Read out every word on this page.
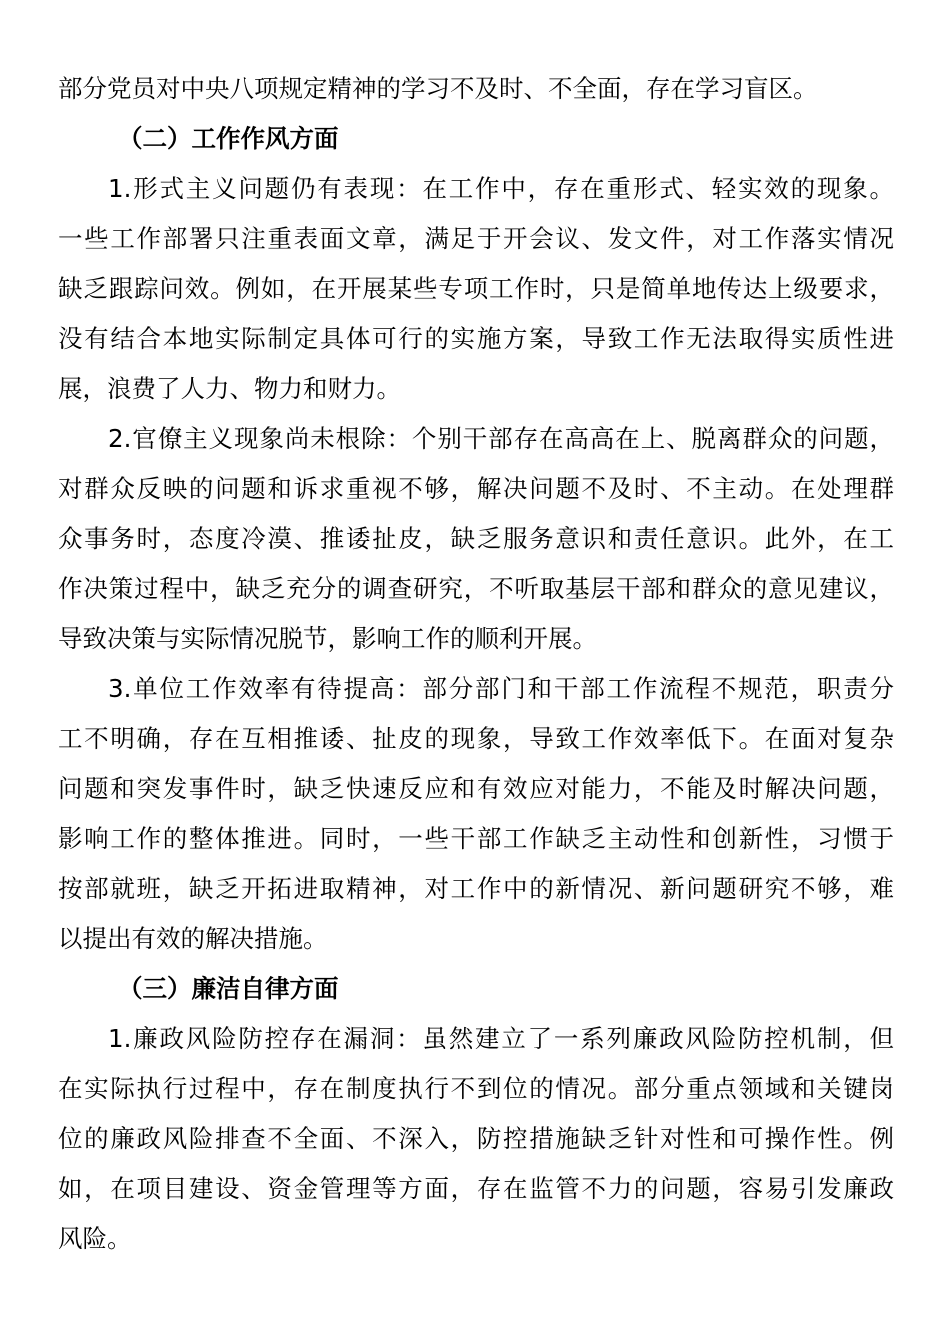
部分党员对中央八项规定精神的学习不及时、不全面，存在学习盲区。
（二）工作作风方面
1.形式主义问题仍有表现：在工作中，存在重形式、轻实效的现象。
一些工作部署只注重表面文章，满足于开会议、发文件，对工作落实情况
缺乏跟踪问效。例如，在开展某些专项工作时，只是简单地传达上级要求，
没有结合本地实际制定具体可行的实施方案，导致工作无法取得实质性进
展，浪费了人力、物力和财力。
2.官僚主义现象尚未根除：个别干部存在高高在上、脱离群众的问题，
对群众反映的问题和诉求重视不够，解决问题不及时、不主动。在处理群
众事务时，态度冷漠、推诿扯皮，缺乏服务意识和责任意识。此外，在工
作决策过程中，缺乏充分的调查研究，不听取基层干部和群众的意见建议，
导致决策与实际情况脱节，影响工作的顺利开展。
3.单位工作效率有待提高：部分部门和干部工作流程不规范，职责分
工不明确，存在互相推诿、扯皮的现象，导致工作效率低下。在面对复杂
问题和突发事件时，缺乏快速反应和有效应对能力，不能及时解决问题，
影响工作的整体推进。同时，一些干部工作缺乏主动性和创新性，习惯于
按部就班，缺乏开拓进取精神，对工作中的新情况、新问题研究不够，难
以提出有效的解决措施。
（三）廉洁自律方面
1.廉政风险防控存在漏洞：虽然建立了一系列廉政风险防控机制，但
在实际执行过程中，存在制度执行不到位的情况。部分重点领域和关键岗
位的廉政风险排查不全面、不深入，防控措施缺乏针对性和可操作性。例
如，在项目建设、资金管理等方面，存在监管不力的问题，容易引发廉政
风险。
